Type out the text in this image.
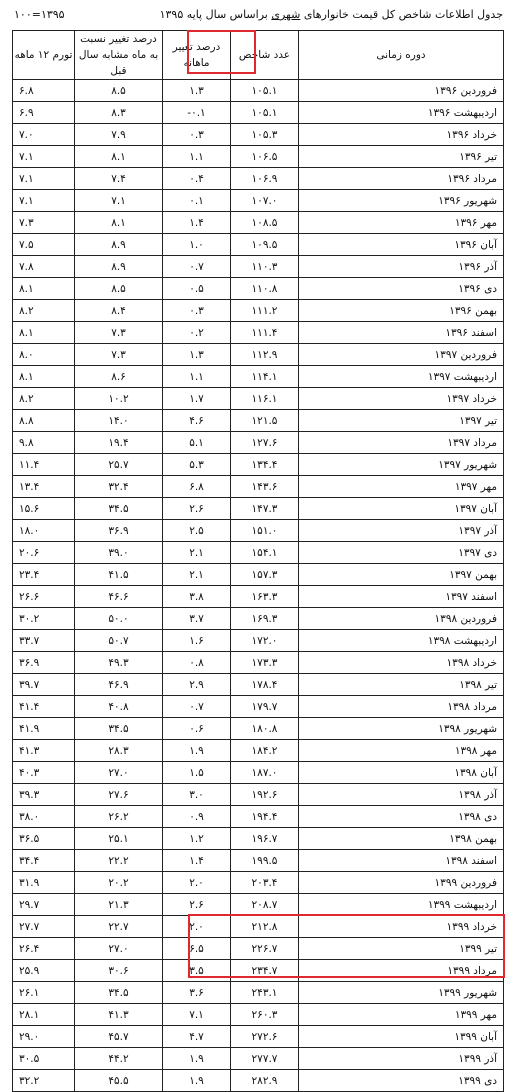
جدول اطلاعات شاخص کل قیمت خانوارهای شهری براساس سال پایه ۱۳۹۵
۱۰۰=۱۳۹۵
دوره زمانی	عدد شاخص	درصد تغییر ماهانه	درصد تغییر نسبت به ماه مشابه سال قبل	تورم ۱۲ ماهه
فروردین ۱۳۹۶	۱۰۵.۱	۱.۳	۸.۵	۶.۸
اردیبهشت ۱۳۹۶	۱۰۵.۱	۰.۱-	۸.۳	۶.۹
خرداد ۱۳۹۶	۱۰۵.۳	۰.۳	۷.۹	۷.۰
تیر ۱۳۹۶	۱۰۶.۵	۱.۱	۸.۱	۷.۱
مرداد ۱۳۹۶	۱۰۶.۹	۰.۴	۷.۴	۷.۱
شهریور ۱۳۹۶	۱۰۷.۰	۰.۱	۷.۱	۷.۱
مهر ۱۳۹۶	۱۰۸.۵	۱.۴	۸.۱	۷.۳
آبان ۱۳۹۶	۱۰۹.۵	۱.۰	۸.۹	۷.۵
آذر ۱۳۹۶	۱۱۰.۳	۰.۷	۸.۹	۷.۸
دی ۱۳۹۶	۱۱۰.۸	۰.۵	۸.۵	۸.۱
بهمن ۱۳۹۶	۱۱۱.۲	۰.۳	۸.۴	۸.۲
اسفند ۱۳۹۶	۱۱۱.۴	۰.۲	۷.۳	۸.۱
فروردین ۱۳۹۷	۱۱۲.۹	۱.۳	۷.۳	۸.۰
اردیبهشت ۱۳۹۷	۱۱۴.۱	۱.۱	۸.۶	۸.۱
خرداد ۱۳۹۷	۱۱۶.۱	۱.۷	۱۰.۲	۸.۲
تیر ۱۳۹۷	۱۲۱.۵	۴.۶	۱۴.۰	۸.۸
مرداد ۱۳۹۷	۱۲۷.۶	۵.۱	۱۹.۴	۹.۸
شهریور ۱۳۹۷	۱۳۴.۴	۵.۳	۲۵.۷	۱۱.۴
مهر ۱۳۹۷	۱۴۳.۶	۶.۸	۳۲.۴	۱۳.۴
آبان ۱۳۹۷	۱۴۷.۳	۲.۶	۳۴.۵	۱۵.۶
آذر ۱۳۹۷	۱۵۱.۰	۲.۵	۳۶.۹	۱۸.۰
دی ۱۳۹۷	۱۵۴.۱	۲.۱	۳۹.۰	۲۰.۶
بهمن ۱۳۹۷	۱۵۷.۳	۲.۱	۴۱.۵	۲۳.۴
اسفند ۱۳۹۷	۱۶۳.۳	۳.۸	۴۶.۶	۲۶.۶
فروردین ۱۳۹۸	۱۶۹.۳	۳.۷	۵۰.۰	۳۰.۲
اردیبهشت ۱۳۹۸	۱۷۲.۰	۱.۶	۵۰.۷	۳۳.۷
خرداد ۱۳۹۸	۱۷۳.۳	۰.۸	۴۹.۳	۳۶.۹
تیر ۱۳۹۸	۱۷۸.۴	۲.۹	۴۶.۹	۳۹.۷
مرداد ۱۳۹۸	۱۷۹.۷	۰.۷	۴۰.۸	۴۱.۴
شهریور ۱۳۹۸	۱۸۰.۸	۰.۶	۳۴.۵	۴۱.۹
مهر ۱۳۹۸	۱۸۴.۲	۱.۹	۲۸.۳	۴۱.۳
آبان ۱۳۹۸	۱۸۷.۰	۱.۵	۲۷.۰	۴۰.۳
آذر ۱۳۹۸	۱۹۲.۶	۳.۰	۲۷.۶	۳۹.۳
دی ۱۳۹۸	۱۹۴.۴	۰.۹	۲۶.۲	۳۸.۰
بهمن ۱۳۹۸	۱۹۶.۷	۱.۲	۲۵.۱	۳۶.۵
اسفند ۱۳۹۸	۱۹۹.۵	۱.۴	۲۲.۲	۳۴.۴
فروردین ۱۳۹۹	۲۰۳.۴	۲.۰	۲۰.۲	۳۱.۹
اردیبهشت ۱۳۹۹	۲۰۸.۷	۲.۶	۲۱.۳	۲۹.۷
خرداد ۱۳۹۹	۲۱۲.۸	۲.۰	۲۲.۷	۲۷.۷
تیر ۱۳۹۹	۲۲۶.۷	۶.۵	۲۷.۰	۲۶.۴
مرداد ۱۳۹۹	۲۳۴.۷	۳.۵	۳۰.۶	۲۵.۹
شهریور ۱۳۹۹	۲۴۳.۱	۳.۶	۳۴.۵	۲۶.۱
مهر ۱۳۹۹	۲۶۰.۳	۷.۱	۴۱.۳	۲۸.۱
آبان ۱۳۹۹	۲۷۲.۶	۴.۷	۴۵.۷	۲۹.۰
آذر ۱۳۹۹	۲۷۷.۷	۱.۹	۴۴.۲	۳۰.۵
دی ۱۳۹۹	۲۸۲.۹	۱.۹	۴۵.۵	۳۲.۲
